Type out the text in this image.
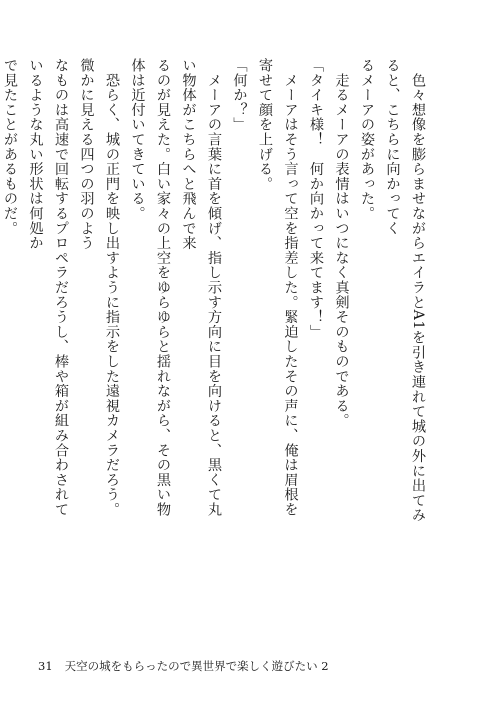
　色々想像を膨らませながらエイラとA1を引き連れて城の外に出てみると、こちらに向かってく

るメーアの姿があった。

　走るメーアの表情はいつになく真剣そのものである。

「タイキ様！　何か向かって来てます！」

　メーアはそう言って空を指差した。緊迫したその声に、俺は眉根を寄せて顔を上げる。

「何か？」

　メーアの言葉に首を傾げ、指し示す方向に目を向けると、黒くて丸い物体がこちらへと飛んで来

るのが見えた。白い家々の上空をゆらゆらと揺れながら、その黒い物体は近付いてきている。

　恐らく、城の正門を映し出すように指示をした遠視カメラだろう。微かに見える四つの羽のよう

なものは高速で回転するプロペラだろうし、棒や箱が組み合わされているような丸い形状は何処か

で見たことがあるものだ。

31 天空の城をもらったので異世界で楽しく遊びたい 2
